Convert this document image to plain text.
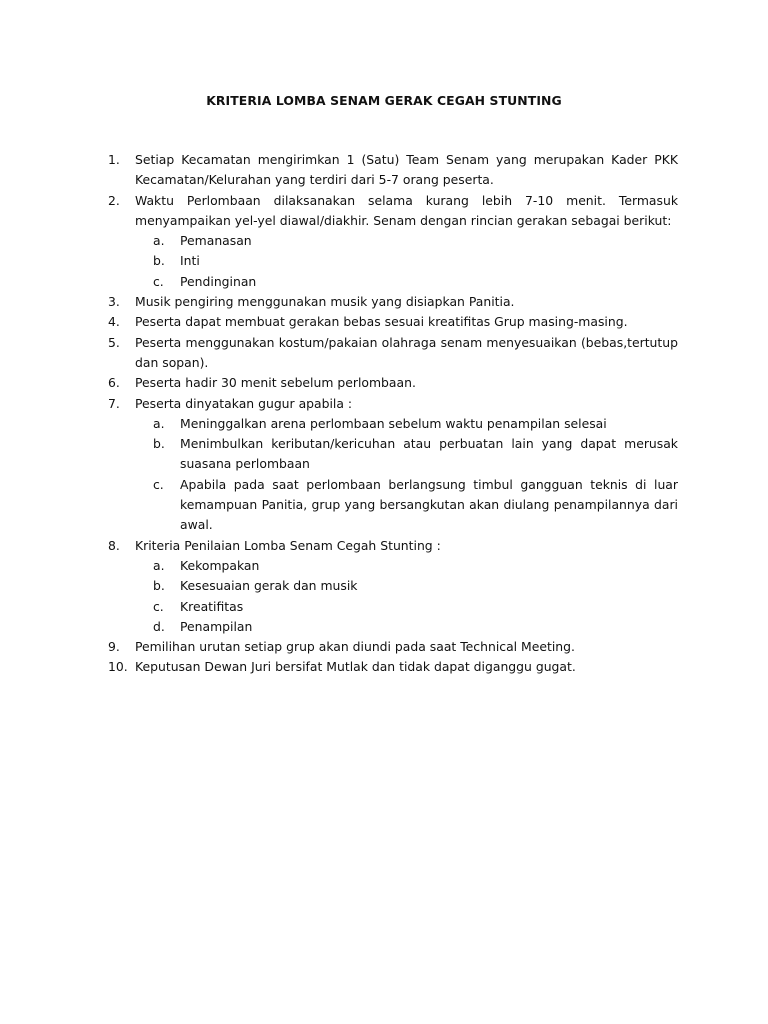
KRITERIA LOMBA SENAM GERAK CEGAH STUNTING
1.	Setiap Kecamatan mengirimkan 1 (Satu) Team Senam yang merupakan Kader PKK Kecamatan/Kelurahan yang terdiri dari 5-7 orang peserta.
2.	Waktu Perlombaan dilaksanakan selama kurang lebih 7-10 menit. Termasuk menyampaikan yel-yel diawal/diakhir. Senam dengan rincian gerakan sebagai berikut:
a.	Pemanasan
b.	Inti
c.	Pendinginan
3.	Musik pengiring menggunakan musik yang disiapkan Panitia.
4.	Peserta dapat membuat gerakan bebas sesuai kreatifitas Grup masing-masing.
5.	Peserta menggunakan kostum/pakaian olahraga senam menyesuaikan (bebas,tertutup dan sopan).
6.	Peserta hadir 30 menit sebelum perlombaan.
7.	Peserta dinyatakan gugur apabila :
a.	Meninggalkan arena perlombaan sebelum waktu penampilan selesai
b.	Menimbulkan keributan/kericuhan atau perbuatan lain yang dapat merusak suasana perlombaan
c.	Apabila pada saat perlombaan berlangsung timbul gangguan teknis di luar kemampuan Panitia, grup yang bersangkutan akan diulang penampilannya dari awal.
8.	Kriteria Penilaian Lomba Senam Cegah Stunting :
a.	Kekompakan
b.	Kesesuaian gerak dan musik
c.	Kreatifitas
d.	Penampilan
9.	Pemilihan urutan setiap grup akan diundi pada saat Technical Meeting.
10. Keputusan Dewan Juri bersifat Mutlak dan tidak dapat diganggu gugat.
